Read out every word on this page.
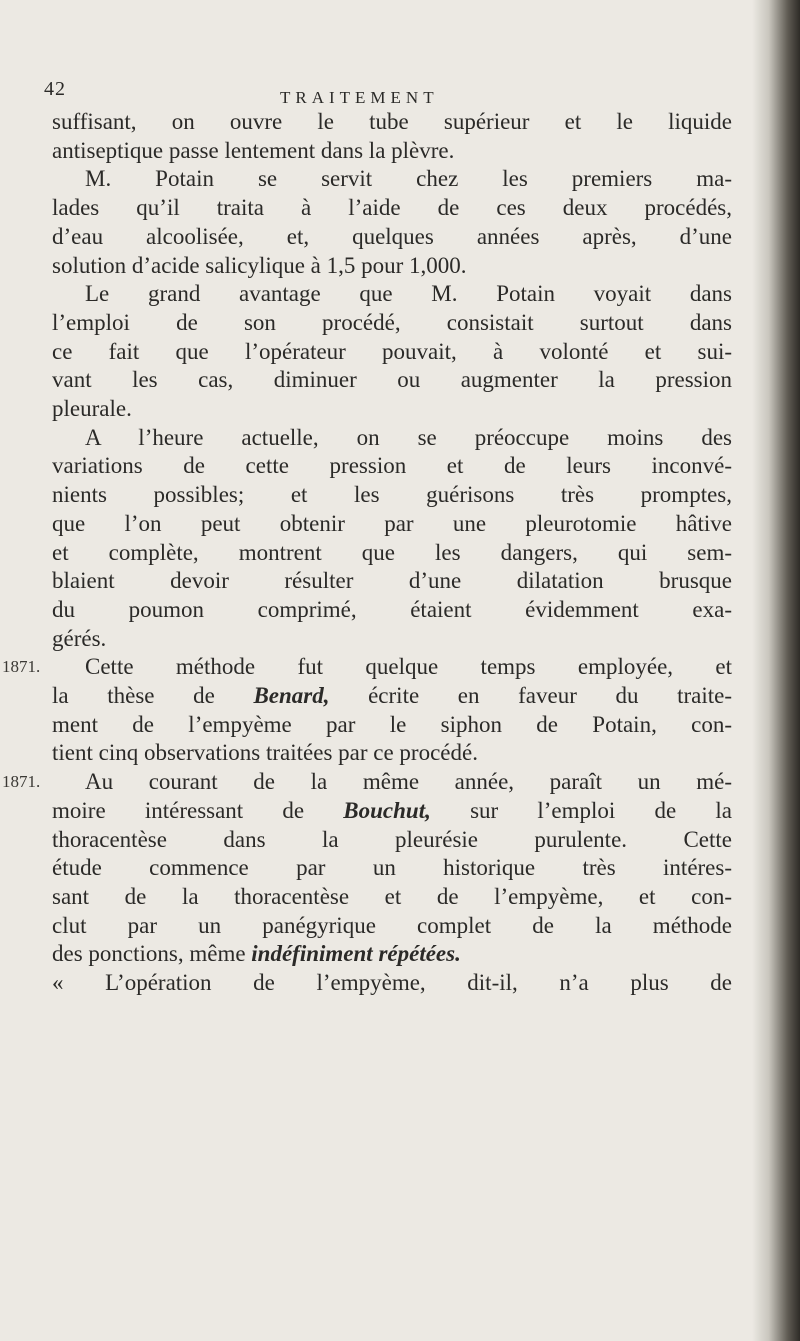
42	TRAITEMENT
suffisant, on ouvre le tube supérieur et le liquide
antiseptique passe lentement dans la plèvre.
M. Potain se servit chez les premiers ma-
lades qu’il traita à l’aide de ces deux procédés,
d’eau alcoolisée, et, quelques années après, d’une
solution d’acide salicylique à 1,5 pour 1,000.
Le grand avantage que M. Potain voyait dans
l’emploi de son procédé, consistait surtout dans
ce fait que l’opérateur pouvait, à volonté et sui-
vant les cas, diminuer ou augmenter la pression
pleurale.
A l’heure actuelle, on se préoccupe moins des
variations de cette pression et de leurs inconvé-
nients possibles; et les guérisons très promptes,
que l’on peut obtenir par une pleurotomie hâtive
et complète, montrent que les dangers, qui sem-
blaient devoir résulter d’une dilatation brusque
du poumon comprimé, étaient évidemment exa-
gérés.
Cette méthode fut quelque temps employée, et
la thèse de Benard, écrite en faveur du traite-
ment de l’empyème par le siphon de Potain, con-
tient cinq observations traitées par ce procédé.
Au courant de la même année, paraît un mé-
moire intéressant de Bouchut, sur l’emploi de la
thoracentèse dans la pleurésie purulente. Cette
étude commence par un historique très intéres-
sant de la thoracentèse et de l’empyème, et con-
clut par un panégyrique complet de la méthode
des ponctions, même indéfiniment répétées.
« L’opération de l’empyème, dit-il, n’a plus de
1871.
1871.
